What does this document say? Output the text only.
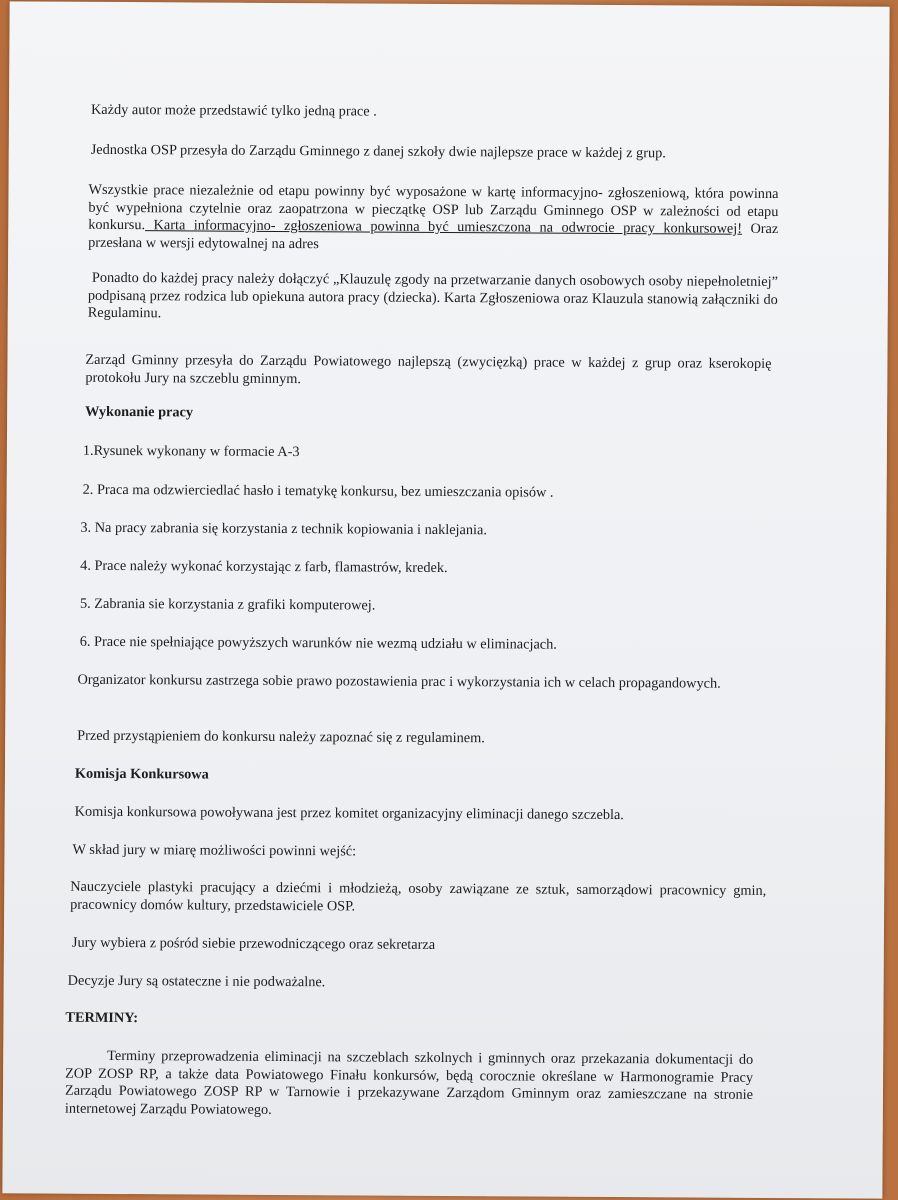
Każdy autor może przedstawić tylko jedną prace .

Jednostka OSP przesyła do Zarządu Gminnego z danej szkoły dwie najlepsze prace w każdej z grup.

Wszystkie prace niezależnie od etapu powinny być wyposażone w kartę informacyjno- zgłoszeniową, która powinna być wypełniona czytelnie oraz zaopatrzona w pieczątkę OSP lub Zarządu Gminnego OSP w zależności od etapu konkursu. Karta informacyjno- zgłoszeniowa powinna być umieszczona na odwrocie pracy konkursowej! Oraz przesłana w wersji edytowalnej na adres

Ponadto do każdej pracy należy dołączyć „Klauzulę zgody na przetwarzanie danych osobowych osoby niepełnoletniej” podpisaną przez rodzica lub opiekuna autora pracy (dziecka). Karta Zgłoszeniowa oraz Klauzula stanowią załączniki do Regulaminu.

Zarząd Gminny przesyła do Zarządu Powiatowego najlepszą (zwycięzką) prace w każdej z grup oraz kserokopię protokołu Jury na szczeblu gminnym.

Wykonanie pracy

1.Rysunek wykonany w formacie A-3

2. Praca ma odzwierciedlać hasło i tematykę konkursu, bez umieszczania opisów .

3. Na pracy zabrania się korzystania z technik kopiowania i naklejania.

4. Prace należy wykonać korzystając z farb, flamastrów, kredek.

5. Zabrania sie korzystania z grafiki komputerowej.

6. Prace nie spełniające powyższych warunków nie wezmą udziału w eliminacjach.

Organizator konkursu zastrzega sobie prawo pozostawienia prac i wykorzystania ich w celach propagandowych.

Przed przystąpieniem do konkursu należy zapoznać się z regulaminem.

Komisja Konkursowa

Komisja konkursowa powoływana jest przez komitet organizacyjny eliminacji danego szczebla.

W skład jury w miarę możliwości powinni wejść:

Nauczyciele plastyki pracujący a dziećmi i młodzieżą, osoby zawiązane ze sztuk, samorządowi pracownicy gmin, pracownicy domów kultury, przedstawiciele OSP.

Jury wybiera z pośród siebie przewodniczącego oraz sekretarza

Decyzje Jury są ostateczne i nie podważalne.

TERMINY:

Terminy przeprowadzenia eliminacji na szczeblach szkolnych i gminnych oraz przekazania dokumentacji do ZOP ZOSP RP, a także data Powiatowego Finału konkursów, będą corocznie określane w Harmonogramie Pracy Zarządu Powiatowego ZOSP RP w Tarnowie i przekazywane Zarządom Gminnym oraz zamieszczane na stronie internetowej Zarządu Powiatowego.
